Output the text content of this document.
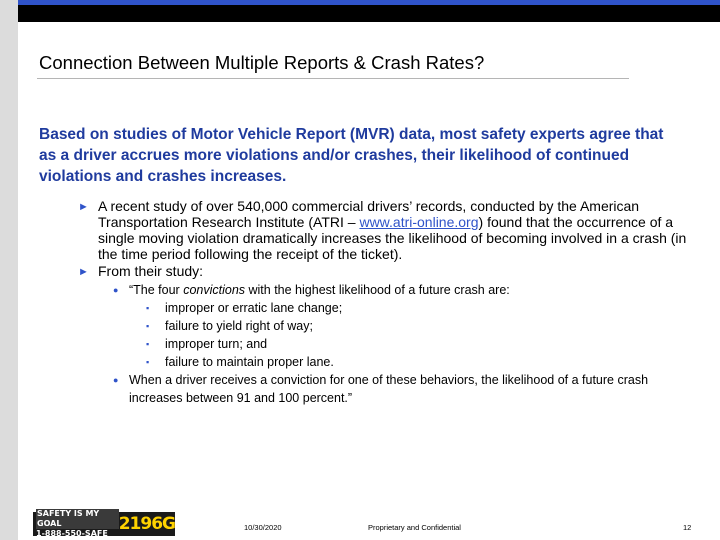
Connection Between Multiple Reports & Crash Rates?
Based on studies of Motor Vehicle Report (MVR) data, most safety experts agree that as a driver accrues more violations and/or crashes, their likelihood of continued violations and crashes increases.
► A recent study of over 540,000 commercial drivers’ records, conducted by the American Transportation Research Institute (ATRI – www.atri-online.org) found that the occurrence of a single moving violation dramatically increases the likelihood of becoming involved in a crash (in the time period following the receipt of the ticket).
► From their study:
● “The four convictions with the highest likelihood of a future crash are:
▪ improper or erratic lane change;
▪ failure to yield right of way;
▪ improper turn; and
▪ failure to maintain proper lane.
● When a driver receives a conviction for one of these behaviors, the likelihood of a future crash increases between 91 and 100 percent.”
SAFETY IS MY GOAL
1-888-550-SAFE 2196G	10/30/2020	Proprietary and Confidential	12
